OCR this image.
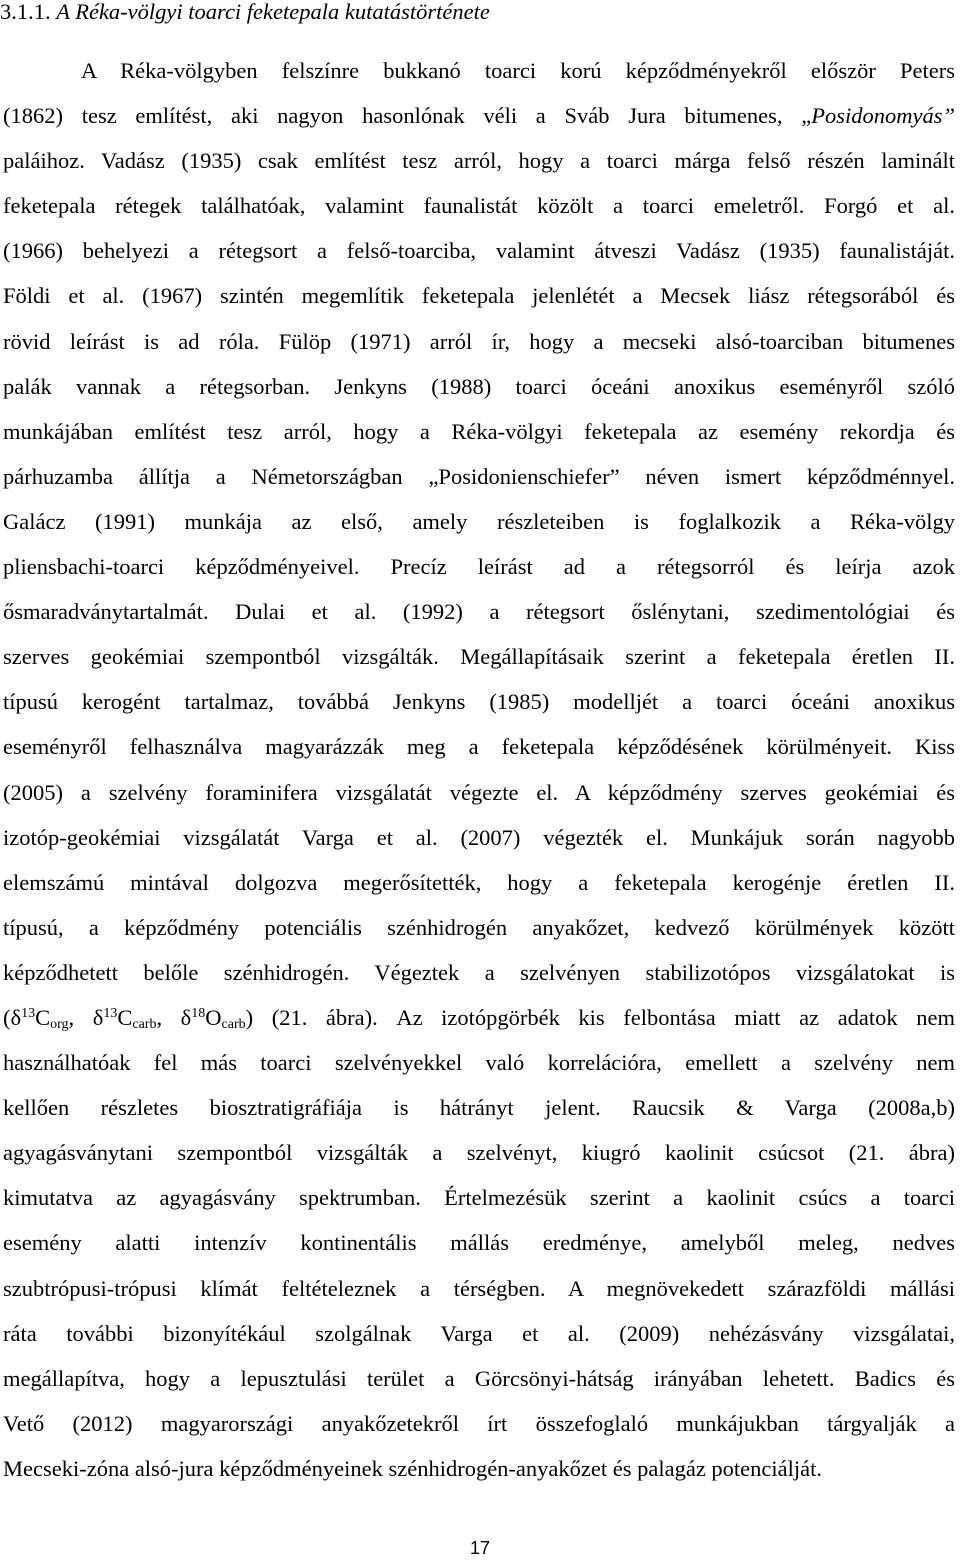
3.1.1. A Réka-völgyi toarci feketepala kutatástörténete
A Réka-völgyben felszínre bukkanó toarci korú képződményekről először Peters
(1862) tesz említést, aki nagyon hasonlónak véli a Sváb Jura bitumenes, „Posidonomyás”
paláihoz. Vadász (1935) csak említést tesz arról, hogy a toarci márga felső részén laminált
feketepala rétegek találhatóak, valamint faunalistát közölt a toarci emeletről. Forgó et al.
(1966) behelyezi a rétegsort a felső-toarciba, valamint átveszi Vadász (1935) faunalistáját.
Földi et al. (1967) szintén megemlítik feketepala jelenlétét a Mecsek liász rétegsorából és
rövid leírást is ad róla. Fülöp (1971) arról ír, hogy a mecseki alsó-toarciban bitumenes
palák vannak a rétegsorban. Jenkyns (1988) toarci óceáni anoxikus eseményről szóló
munkájában említést tesz arról, hogy a Réka-völgyi feketepala az esemény rekordja és
párhuzamba állítja a Németországban „Posidonienschiefer” néven ismert képződménnyel.
Galácz (1991) munkája az első, amely részleteiben is foglalkozik a Réka-völgy
pliensbachi-toarci képződményeivel. Precíz leírást ad a rétegsorról és leírja azok
ősmaradványtartalmát. Dulai et al. (1992) a rétegsort őslénytani, szedimentológiai és
szerves geokémiai szempontból vizsgálták. Megállapításaik szerint a feketepala éretlen II.
típusú kerogént tartalmaz, továbbá Jenkyns (1985) modelljét a toarci óceáni anoxikus
eseményről felhasználva magyarázzák meg a feketepala képződésének körülményeit. Kiss
(2005) a szelvény foraminifera vizsgálatát végezte el. A képződmény szerves geokémiai és
izotóp-geokémiai vizsgálatát Varga et al. (2007) végezték el. Munkájuk során nagyobb
elemszámú mintával dolgozva megerősítették, hogy a feketepala kerogénje éretlen II.
típusú, a képződmény potenciális szénhidrogén anyakőzet, kedvező körülmények között
képződhetett belőle szénhidrogén. Végeztek a szelvényen stabilizotópos vizsgálatokat is
($\delta^{13}C_{org}$, $\delta^{13}C_{carb}$, $\delta^{18}O_{carb}$) (21. ábra). Az izotópgörbék kis felbontása miatt az adatok nem
használhatóak fel más toarci szelvényekkel való korrelációra, emellett a szelvény nem
kellően részletes biosztratigráfiája is hátrányt jelent. Raucsik & Varga (2008a,b)
agyagásványtani szempontból vizsgálták a szelvényt, kiugró kaolinit csúcsot (21. ábra)
kimutatva az agyagásvány spektrumban. Értelmezésük szerint a kaolinit csúcs a toarci
esemény alatti intenzív kontinentális mállás eredménye, amelyből meleg, nedves
szubtrópusi-trópusi klímát feltételeznek a térségben. A megnövekedett szárazföldi mállási
ráta további bizonyítékául szolgálnak Varga et al. (2009) nehézásvány vizsgálatai,
megállapítva, hogy a lepusztulási terület a Görcsönyi-hátság irányában lehetett. Badics és
Vető (2012) magyarországi anyakőzetekről írt összefoglaló munkájukban tárgyalják a
Mecseki-zóna alsó-jura képződményeinek szénhidrogén-anyakőzet és palagáz potenciálját.
17
